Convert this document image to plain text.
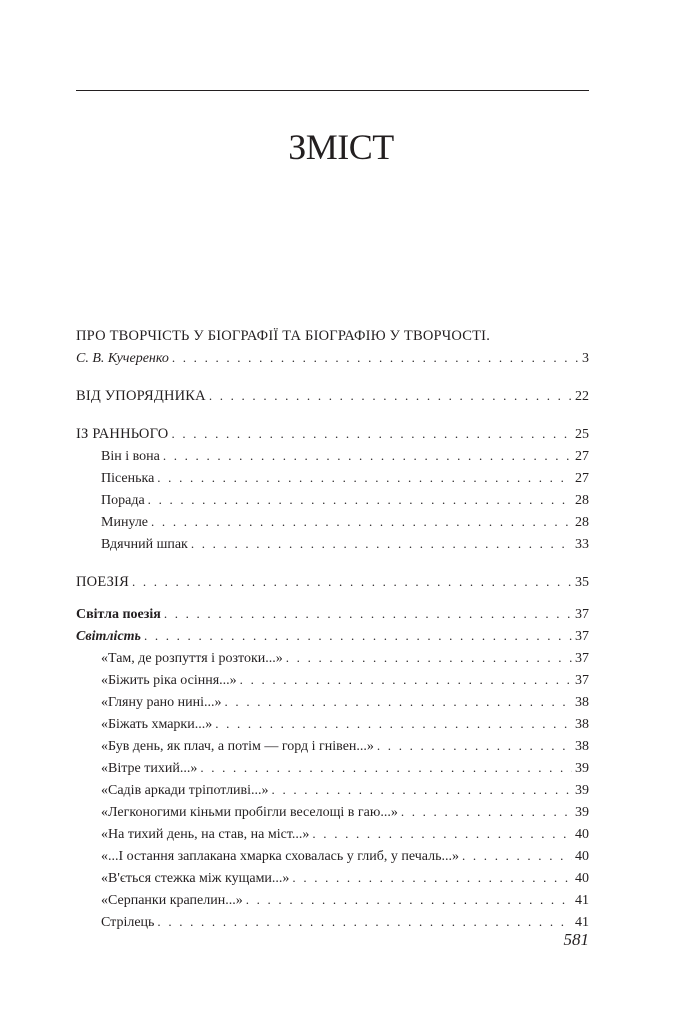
ЗМІСТ
ПРО ТВОРЧІСТЬ У БІОГРАФІЇ ТА БІОГРАФІЮ У ТВОРЧОСТІ.
С. В. Кучеренко . . .	3
ВІД УПОРЯДНИКА . . .	22
ІЗ РАННЬОГО . . .	25
Він і вона . . .	27
Пісенька . . .	27
Порада . . .	28
Минуле . . .	28
Вдячний шпак . . .	33
ПОЕЗІЯ . . .	35
Світла поезія . . .	37
Світлість . . .	37
«Там, де розпуття і розтоки...» . . .	37
«Біжить ріка осіння...» . . .	37
«Гляну рано нині...» . . .	38
«Біжать хмарки...» . . .	38
«Був день, як плач, а потім — горд і гнівен...» . . .	38
«Вітре тихий...» . . .	39
«Садів аркади тріпотливі...» . . .	39
«Легконогими кіньми пробігли веселощі в гаю...» . . .	39
«На тихий день, на став, на міст...» . . .	40
«...І остання заплакана хмарка сховалась у глиб, у печаль...» . . .	40
«В'ється стежка між кущами...» . . .	40
«Серпанки крапелин...» . . .	41
Стрілець . . .	41
581
